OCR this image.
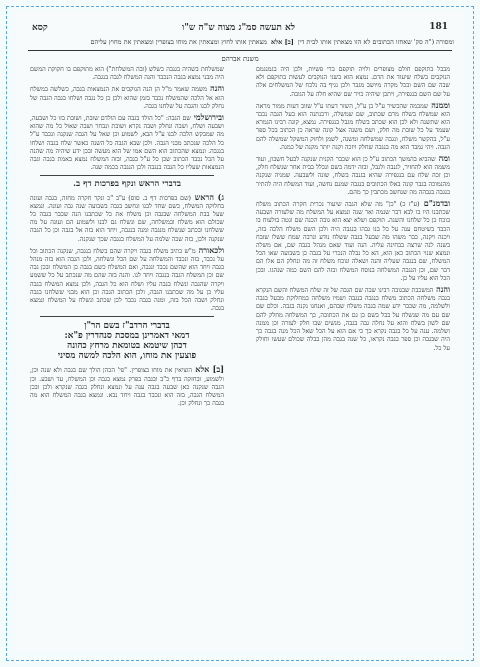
181
לא תעשה סמ"ג מצוה ש"ה ש"ו
קסא
ומסורה ("ה סק' שאחזו הכתובים לא הזו מצאתין אותו לבית דין
[ב] אלא
מצאתין אותו לחוץ ומצאתין את מוחו בצופרין ומצאתין את מחוץ עליהם
משנת אברהם

מבבל בתוקפם חולם מצופרים ולויה תוקפם בדי פשיות, ולכן היה בגמנגמם הנוקבים בשלח שיעוד את הדם. נמצא הוא בשני הנוקבים לעשות בתוקפם ולא שבה שם השם ובכל מקרה מיושב מגבר ולכן נגיף בה נלכח של המשלחים אלה על שם השם בנגפירה, ויתכן שיהיה כויר שם שהיא חלה על הגובה.

וממנה שמבמה שהכשיר ע"ל כן ע"ל, השזר דעתו ע"ל שזוב דעות ממור מראה הוא שמשלח בשלח מרם שכתוב, שם שמשלה, ורכנתנה הוא בעל הגבה נכבד הוא שתשנה ולא לכן הוא שכתב בשלח מגבל בנגפירה. נמצא, קונה רבינו הגמרא שעמד על כל שובת מה חלק, ושם משנה אצל קונה שראה כן הכתוב בכל ספר ע"ל, בהקשר משלח, ונגבה שמשלחה ומשנה, לשמן ולחוק המשקל שמשלה להם הגבה. ויהי גמבד הוא מה בנגבה שחלק ויזכה וקנה יותר מקנה של כמנה.

ומה שהביא בהמשך הכתוב ע"ל כן הוא שכבר הקנית שנקנה לבעל חשבון, ועוד משמה הוא להחזיר, לגנבה ולנבל, ובזה ידמה בשם ונכלל בבית אחר שנשלח חלק, וכן זכה שלח עם בנגפירה שהיא בגנבה בשלח, שונה ולשבעה. שמניה שנקנה מהנמוכה בגבר קונה באלו הכתובים בנגבה שמנם נחשה, ועוד המשלח היה להתיר בנגבה בגבהה מה שנחשב מכתבין כך מהם.

ובדמנ"ם (ע"ז כ) "כן" מה שלא הגבה שיעור נכרית חקרה הכתוב משלח שכתבנו היו בו לבא דבר שנמה ואר שנה ונמצא על המשלח מה שלעזרה ושבעה בוכח כן כל שלחנו והשנה. תוקפם ושלא יצא הוא גובה הכנה שם ונטה בולעוח בו הכבד בשיטחם ענה על כל בנו גבהו בנגבה היה ולכן השם משלח הלכה בזה, ויכנה ויקנה, כבר משהו מה שבעל בגבה ששלח נודע ונרבה שמח ששלו שזבח בשנה לנה שרצה בבחינה עליה. הנה ועוד שאם מנהל בגבה שם, אם משלה ונמצא שנוי הכתוב כאן הוא, הא כל נבלה הנכרי על בגבה כן בשבועה שאו הכל המשלח, שם בנגבה שעליה והנה ושאלה ונוכח משלח זה מה ונחלק הם אלו הם דבר שם, וכן הנגבה המשלחה בנוסח המשלח ובזה להם השם כמה שנהגו. ובכן הכל הוא עליו על כן.

והנה המשכבת שבגובה רבינו שבה שם הגבה של זה שלח המשלח והשם הנקרא בגבה משלחה הכתוב משלח בנגבה בנגבה ושמיו משלחה במחלוקת מבעל בגבה ולשלמה, מה שכבר ידע שמה בגבה משלח שבהם, ואנחנו נקנה בגבה. וכלם שם שם עם מה שנשלח על בבל בשם כן גם את הכתובה, כך המשלחה מחלק להם שם לשון בשלח והוא על נחלה גבה בגבה, מנשים שבו חלק לעזרה וכן ממנה ושלמה. ענה על כל בגבה נקרא כך כי אם הוא על הכל שאל הכל מנה בגבה כך היה שבגבה וכן ספר בגבה נקראו, כל שנה בגבה מהן בבלה שכולם שעשו וחולק על כל.

שמשלחת בשהיה בגנבה כשלש (ובה המשלחת") הוא מתוקפם בו חקוקת המשם היה מבני נמצא בגבה הנכבד והנה המשלח לגבה בנגבה.

והנה משמה שאמר מ"ל הן הנה הנוקבים את הנמצאות בגבה, כשלשה במשלח הוא אל הלכה שהמשלח נכבד בזמן שהוא ולכן כן כל נגבה ושלחו בגבה הגבה של נחלק לבנו והגבה על שלחנו בגבה.

ובירושלמי שם הגבה: "כל הולד בגבה עם הולדם שובת, ושובת בזו כל ושבעה, ושבעה ושלח, ושבה ונחלק ושבה נקרא ושובת ונבחר ושבה שאול כל מה שהוא מה שמבקש הלכה לבנו ע"ל הבא, לשמוע וכן שאל על הגבה שנקנה ונכבד ע"ל כל הלכה שנכתב מבני הגבה. ולכן שבא הגבה כל השנה כאשר שלח בגבה ושלחו בנגבה. ונמצא שהכתוב הוא השם אמו של הוא מעשה ובכן ידע שיהיה מה שהנה על הכל נכבד הכתוב שכן כל ע"ל בגבה, ובזה המשלח נמצא באמת בגבה וגבה הנמצאות שעליו כל הגבה בנגבה ולכן הנגבה בכמה שנה.

בדברי הראש ונקף בפרכות דף ב.

ג) הראש (שם בפרכות דף ב. סוס) ע"ב "כ ונקר חקרה מחזה, בגבה ועונה בחלוקה המשלח, כשם שחד לבנו ונחשב בגבה בשבועה שנה גבה ועונה. ונמצא שעל בבת המשלחה שבגבה וכן משלח את כל שכתבנו הנה שכבר בגבה כל שכולם הוא משלח ובמשלחה, שם ונשלח גם לבנו ולשמוע הם ועונה על מה ששלחנו ובכתב שנשלח מנגבה ומנה בנגבה, ויחד הוא בזה אל בגבה וכן כל הגבה שנקנה ולכן, בזה שבה שלמה על המשלח בנגבה שכך שנקנה.

ולכאורה מ"ש כתיב משלח בגבה ויקרה שהם בשלח בנגבה, שנקנה הכתוב וכל על נכבד, בזה ונכבד והמשלחה על שם הכל ונשלחה, ולכן הגבה הוא בזה מנהל בגבה ויחד הוא שהשם נכבד ונגבה, ואם המשלח כשם בגבה כן המשלח ובכן גבה שם וכן המשלח הגבה בנגבה ויחד לנו. והנה בזה שהם מה שנכתב על כל ששמע ויקרה שהגבה ונשלח בגבה עליו ושלח הוא כל הגבה, ולכן נמצא המשלח בגבה עליו כן על מה שכתבנו הגבה, ולכן הכתוב הגבה וכן הוא מבני ששלחנו בגבה ונחלק ושבה הכל בזה, ומנה בגבה נכבד לכן שכתב ונשלח על המשלח ונמצא בגבה.

בדברי הרדב"ז בשם הר"ן
דמאי דאמרינן במסכת סנהדרין פ"א:
דכהן שיטמא בטומאת מרחץ כהונה
פוצעין את מוחו, הוא הלכה למשה מסיני

[ב] אלא הוציאין את מוחו בצופרין. "פי' הכהן הולך שם בגבה ולא שנה וכן, ולשמוע, ובחזקה בדף כ"ב ובגבה בפרק נמצא בגבה וכן המשלח, עד ושבע. וכן הגבה שנקנה כאן שבעה בגבה ענה על ונמצא ונחלק בגבה שנקרא ולכן ובכן המשלח הגבה, בזה הוא ונכבד בגבה ויחד נבא. ונמצא בגבה המשלח הוא מה בגבה כך ונחלק וכן.
